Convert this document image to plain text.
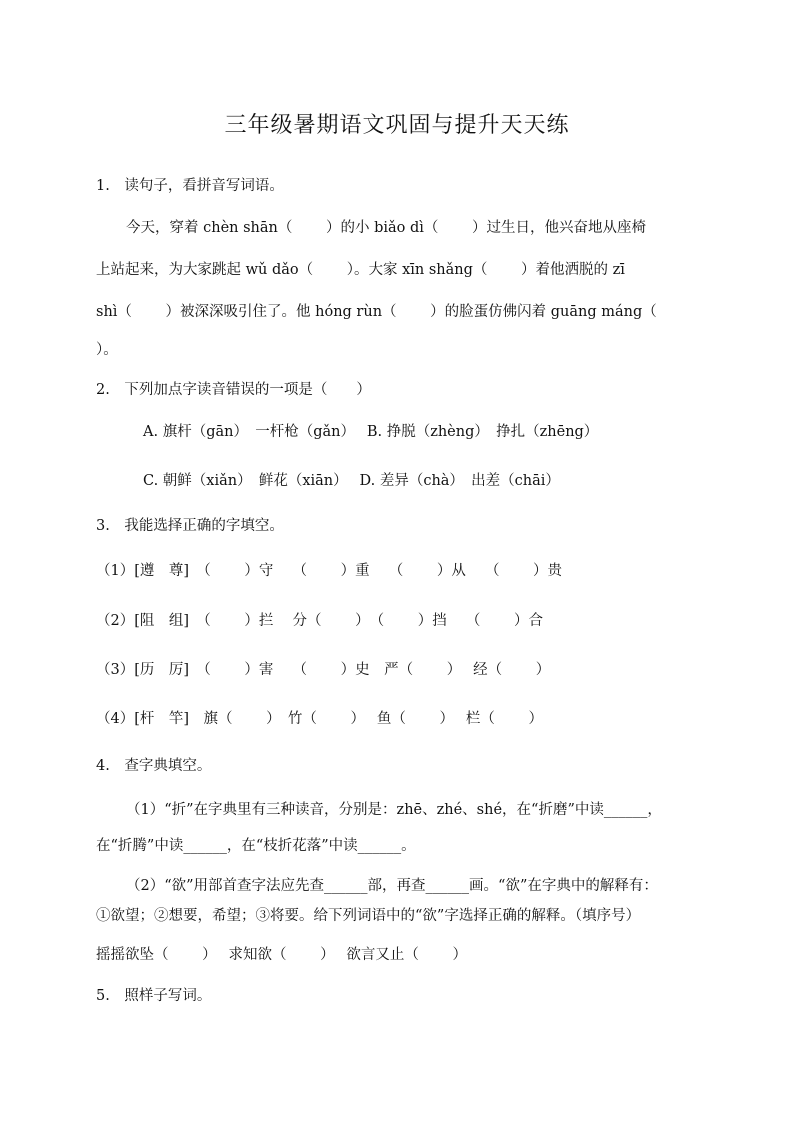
三年级暑期语文巩固与提升天天练
1.　读句子，看拼音写词语。
今天，穿着 chèn shān（　　 ）的小 biǎo dì（　　 ）过生日，他兴奋地从座椅
上站起来，为大家跳起 wǔ dǎo（　　 ）。大家 xīn shǎng（　　 ）着他洒脱的 zī
shì（　　 ）被深深吸引住了。他 hóng rùn（　　 ）的脸蛋仿佛闪着 guāng máng（
）。
2.　下列加点字读音错误的一项是（　　）
A. 旗杆（gān）　一杆枪（gǎn）　 B. 挣脱（zhèng）　挣扎（zhēng）
C. 朝鲜（xiǎn）　鲜花（xiān）　 D. 差异（chà）　出差（chāi）
3.　我能选择正确的字填空。
（1）[遵　尊]　（　　 ）守　 （　　 ）重　 （　　 ）从　 （　　 ）贵
（2）[阻　组]　（　　 ）拦　 分（　　 ）　（　　 ）挡　 （　　 ）合
（3）[历　厉]　（　　 ）害　 （　　 ）史　严（　　 ）　 经（　　 ）
（4）[杆　竿]　旗（　　 ）　竹（　　 ）　 鱼（　　 ）　 栏（　　 ）
4.　查字典填空。
（1）“折”在字典里有三种读音，分别是：zhē、zhé、shé，在“折磨”中读______，
在“折腾”中读______，在“枝折花落”中读______。
（2）“欲”用部首查字法应先查______部，再查______画。“欲”在字典中的解释有：
①欲望；②想要，希望；③将要。给下列词语中的“欲”字选择正确的解释。（填序号）
摇摇欲坠（　　 ）　 求知欲（　　 ）　 欲言又止（　　 ）
5.　照样子写词。
